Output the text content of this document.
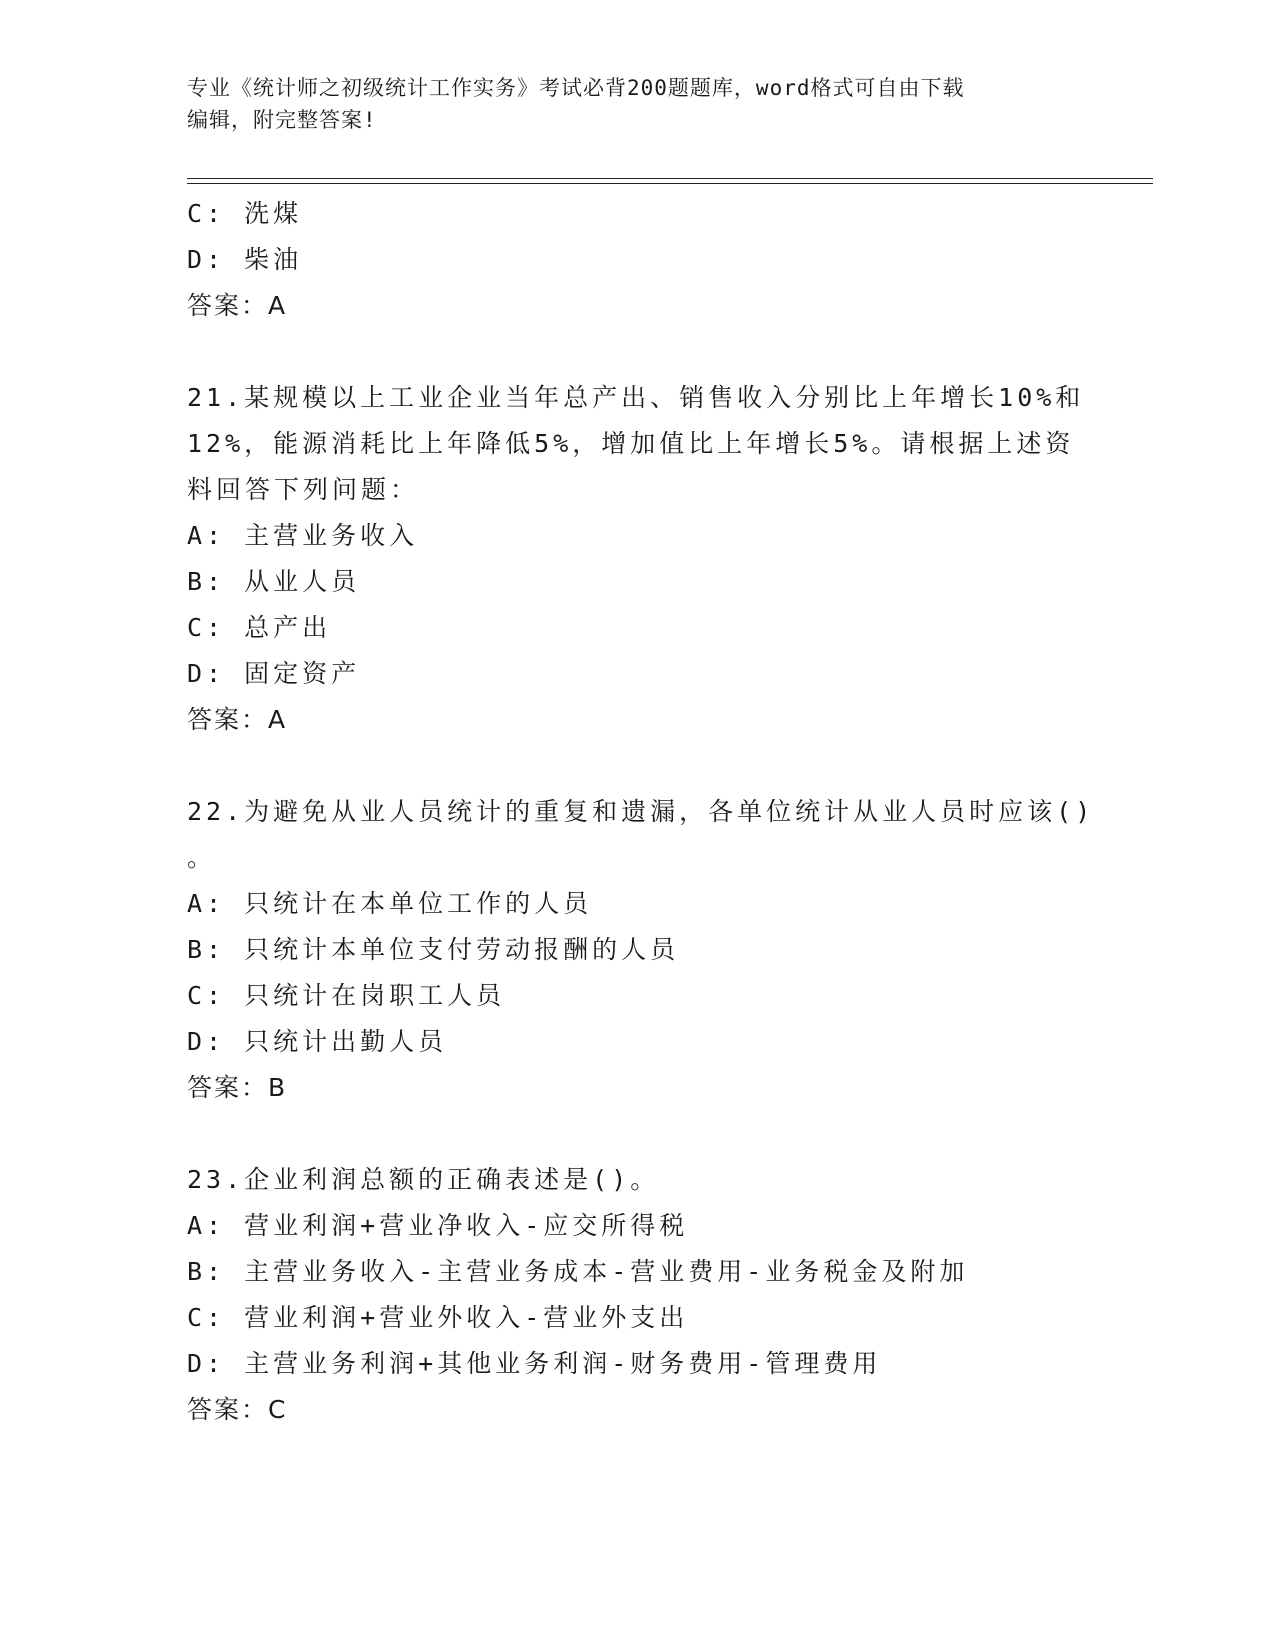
专业《统计师之初级统计工作实务》考试必背200题题库，word格式可自由下载
编辑，附完整答案!
C: 洗煤
D: 柴油
答案：A
21.某规模以上工业企业当年总产出、销售收入分别比上年增长10%和
12%，能源消耗比上年降低5%，增加值比上年增长5%。请根据上述资
料回答下列问题：
A: 主营业务收入
B: 从业人员
C: 总产出
D: 固定资产
答案：A
22.为避免从业人员统计的重复和遗漏，各单位统计从业人员时应该()
。
A: 只统计在本单位工作的人员
B: 只统计本单位支付劳动报酬的人员
C: 只统计在岗职工人员
D: 只统计出勤人员
答案：B
23.企业利润总额的正确表述是()。
A: 营业利润+营业净收入-应交所得税
B: 主营业务收入-主营业务成本-营业费用-业务税金及附加
C: 营业利润+营业外收入-营业外支出
D: 主营业务利润+其他业务利润-财务费用-管理费用
答案：C
